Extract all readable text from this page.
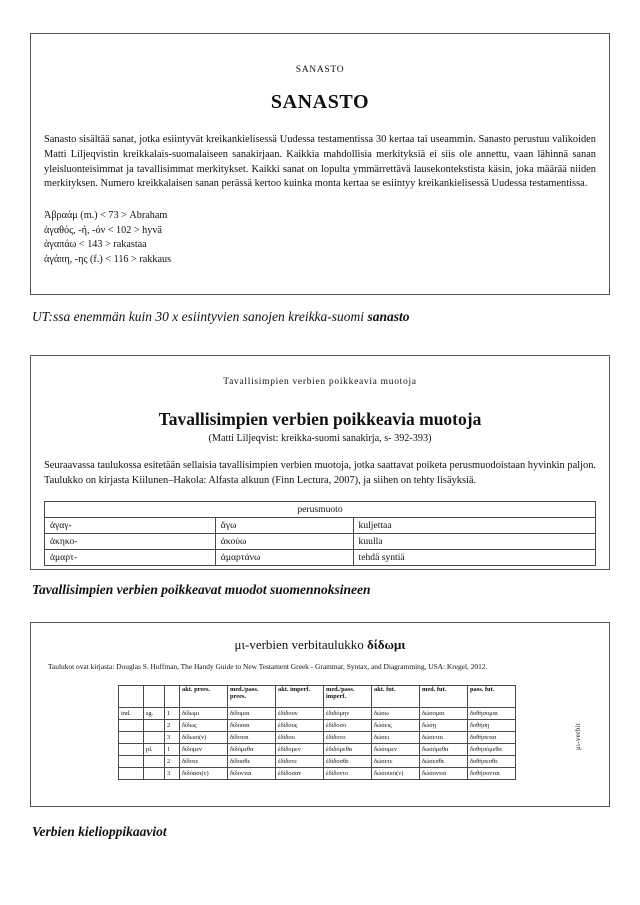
SANASTO
SANASTO
Sanasto sisältää sanat, jotka esiintyvät kreikankielisessä Uudessa testamentissa 30 kertaa tai useammin. Sanasto perustuu valikoiden Matti Liljeqvistin kreikkalais-suomalaiseen sanakirjaan. Kaikkia mahdollisia merkityksiä ei siis ole annettu, vaan lähinnä sanan yleisluonteisimmat ja tavallisimmat merkitykset. Kaikki sanat on lopulta ymmärrettävä lausekontekstista käsin, joka määrää niiden merkityksen. Numero kreikkalaisen sanan perässä kertoo kuinka monta kertaa se esiintyy kreikankielisessä Uudessa testamentissa.
Ἀβραάμ (m.) < 73 > Abraham
ἀγαθός, -ή, -όν < 102 > hyvä
ἀγαπάω < 143 > rakastaa
ἀγάπη, -ης (f.) < 116 > rakkaus
UT:ssa enemmän kuin 30 x esiintyvien sanojen kreikka-suomi sanasto
Tavallisimpien verbien poikkeavia muotoja
Tavallisimpien verbien poikkeavia muotoja
(Matti Liljeqvist: kreikka-suomi sanakirja, s- 392-393)
Seuraavassa taulukossa esitetään sellaisia tavallisimpien verbien muotoja, jotka saattavat poiketa perusmuodoistaan hyvinkin paljon. Taulukko on kirjasta Kiilunen–Hakola: Alfasta alkuun (Finn Lectura, 2007), ja siihen on tehty lisäyksiä.
perusmuoto		
ἀγαγ-	ἄγω	kuljettaa
ἀκηκο-	ἀκούω	kuulla
ἁμαρτ-	ἁμαρτάνω	tehdä syntiä
Tavallisimpien verbien poikkeavat muodot suomennoksineen
μι-verbien verbitaulukko δίδωμι
Taulukot ovat kirjasta: Douglas S. Huffman, The Handy Guide to New Testament Greek - Grammar, Syntax, and Diagramming, USA: Kregel, 2012.
μι-verbit
			akt. prees.	med./pass. prees.	akt. imperf.	med./pass. imperf.	akt. fut.	med. fut.	pass. fut.
ind.	sg.	1	δίδωμι	δίδομαι	ἐδίδουν	ἐδιδόμην	δώσω	δώσομαι	δοθήσομαι
		2	δίδως	δίδοσαι	ἐδίδους	ἐδίδοσο	δώσεις	δώσῃ	δοθήσῃ
		3	δίδωσι(ν)	δίδοται	ἐδίδου	ἐδίδοτο	δώσει	δώσεται	δοθήσεται
	pl.	1	δίδομεν	διδόμεθα	ἐδίδομεν	ἐδιδόμεθα	δώσομεν	δωσόμεθα	δοθησόμεθα
		2	δίδοτε	δίδοσθε	ἐδίδοτε	ἐδίδοσθε	δώσετε	δώσεσθε	δοθήσεσθε
		3	διδόασι(ν)	δίδονται	ἐδίδοσαν	ἐδίδοντο	δώσουσι(ν)	δώσονται	δοθήσονται
Verbien kielioppikaaviot
